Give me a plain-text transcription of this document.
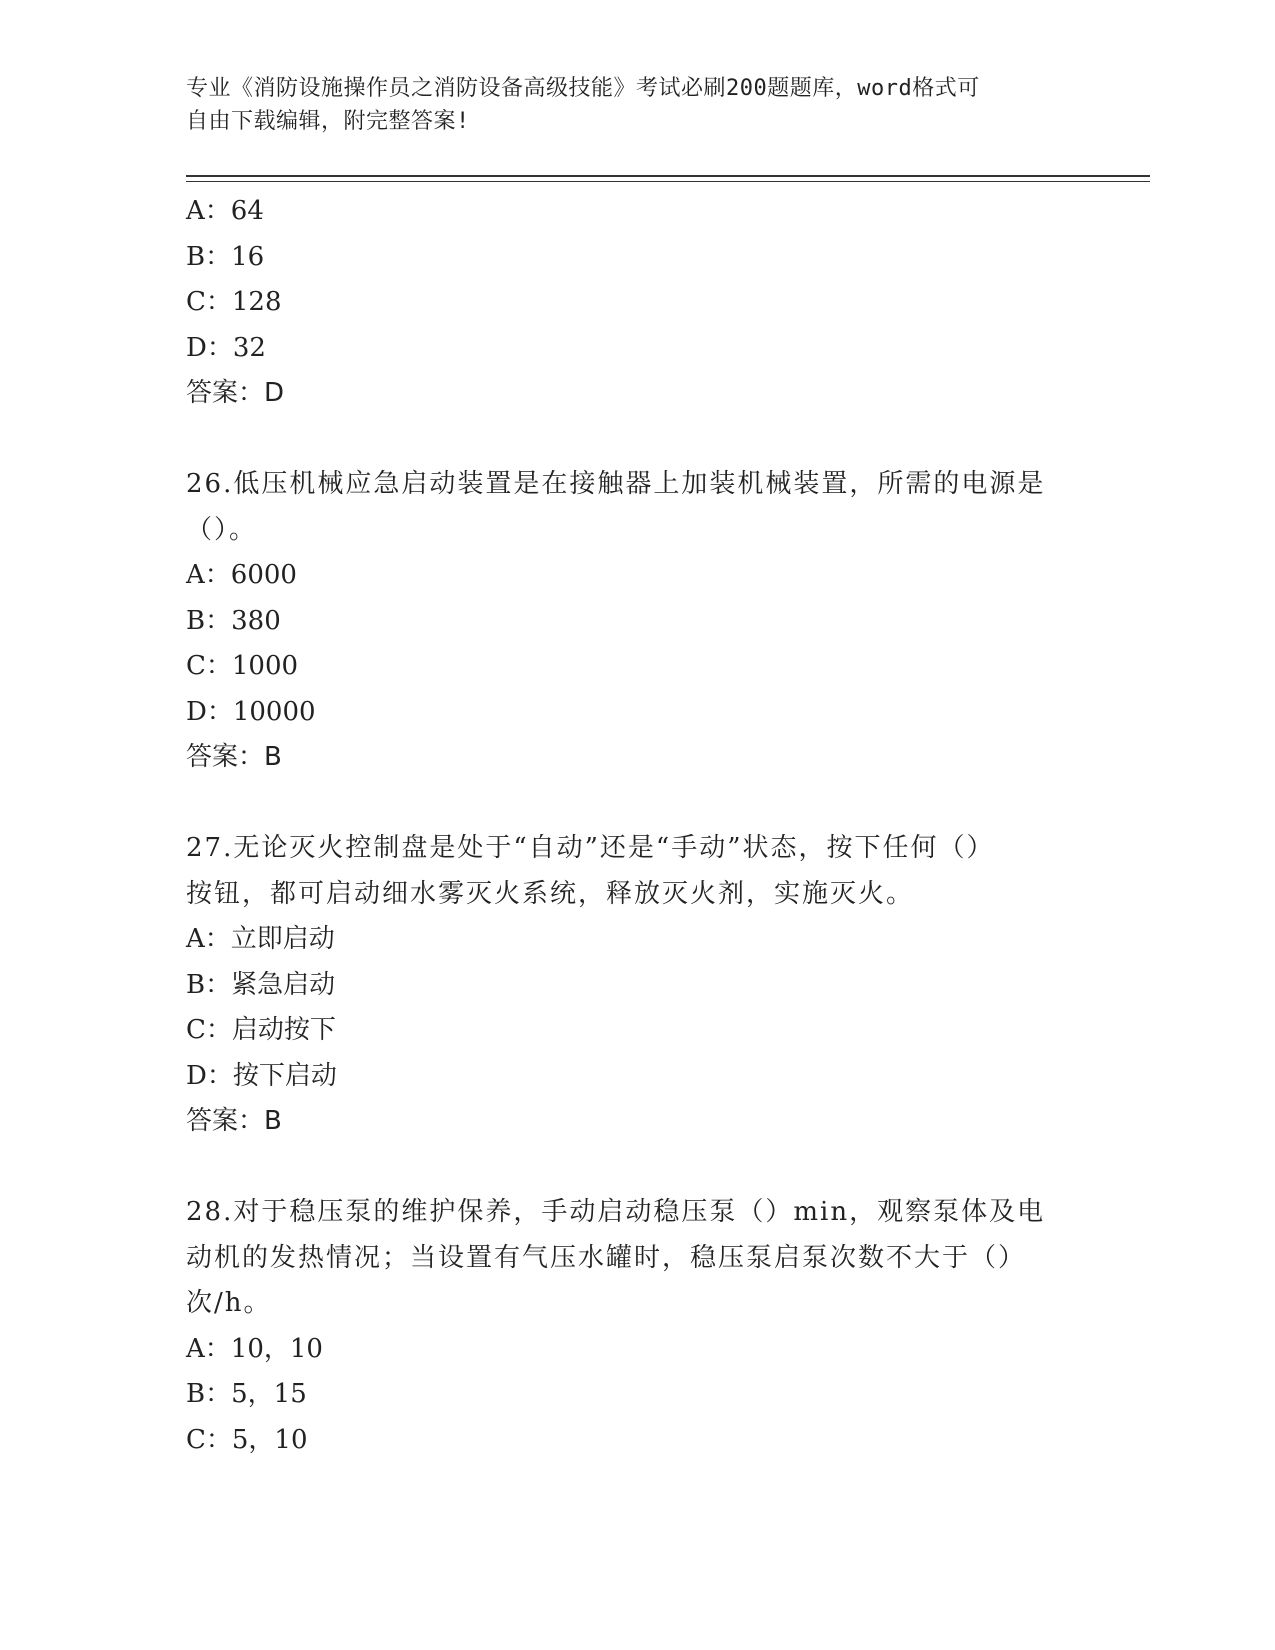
专业《消防设施操作员之消防设备高级技能》考试必刷200题题库，word格式可
自由下载编辑，附完整答案!
A：64
B：16
C：128
D：32
答案：D
26.低压机械应急启动装置是在接触器上加装机械装置，所需的电源是
（）。
A：6000
B：380
C：1000
D：10000
答案：B
27.无论灭火控制盘是处于“自动”还是“手动”状态，按下任何（）
按钮，都可启动细水雾灭火系统，释放灭火剂，实施灭火。
A：立即启动
B：紧急启动
C：启动按下
D：按下启动
答案：B
28.对于稳压泵的维护保养，手动启动稳压泵（）min，观察泵体及电
动机的发热情况；当设置有气压水罐时，稳压泵启泵次数不大于（）
次/h。
A：10，10
B：5，15
C：5，10
